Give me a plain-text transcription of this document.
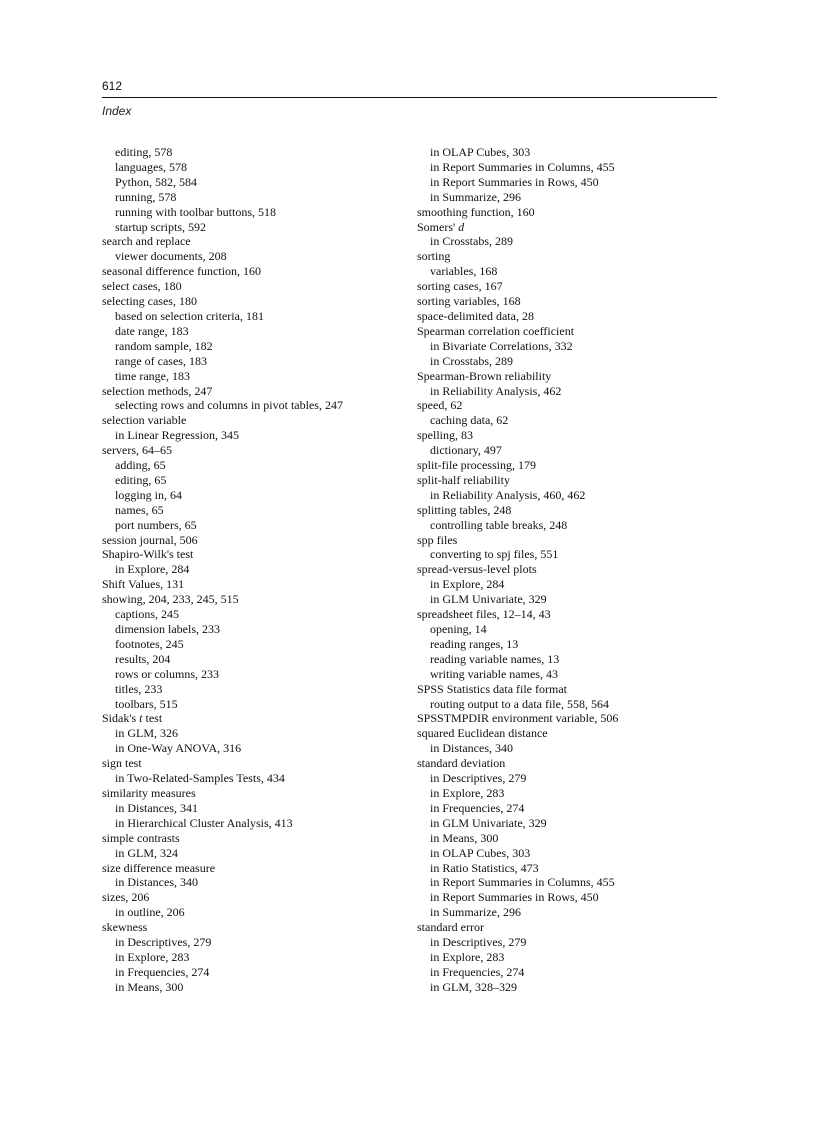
612
Index
editing, 578
languages, 578
Python, 582, 584
running, 578
running with toolbar buttons, 518
startup scripts, 592
search and replace
viewer documents, 208
seasonal difference function, 160
select cases, 180
selecting cases, 180
based on selection criteria, 181
date range, 183
random sample, 182
range of cases, 183
time range, 183
selection methods, 247
selecting rows and columns in pivot tables, 247
selection variable
in Linear Regression, 345
servers, 64–65
adding, 65
editing, 65
logging in, 64
names, 65
port numbers, 65
session journal, 506
Shapiro-Wilk's test
in Explore, 284
Shift Values, 131
showing, 204, 233, 245, 515
captions, 245
dimension labels, 233
footnotes, 245
results, 204
rows or columns, 233
titles, 233
toolbars, 515
Sidak's t test
in GLM, 326
in One-Way ANOVA, 316
sign test
in Two-Related-Samples Tests, 434
similarity measures
in Distances, 341
in Hierarchical Cluster Analysis, 413
simple contrasts
in GLM, 324
size difference measure
in Distances, 340
sizes, 206
in outline, 206
skewness
in Descriptives, 279
in Explore, 283
in Frequencies, 274
in Means, 300
in OLAP Cubes, 303
in Report Summaries in Columns, 455
in Report Summaries in Rows, 450
in Summarize, 296
smoothing function, 160
Somers' d
in Crosstabs, 289
sorting
variables, 168
sorting cases, 167
sorting variables, 168
space-delimited data, 28
Spearman correlation coefficient
in Bivariate Correlations, 332
in Crosstabs, 289
Spearman-Brown reliability
in Reliability Analysis, 462
speed, 62
caching data, 62
spelling, 83
dictionary, 497
split-file processing, 179
split-half reliability
in Reliability Analysis, 460, 462
splitting tables, 248
controlling table breaks, 248
spp files
converting to spj files, 551
spread-versus-level plots
in Explore, 284
in GLM Univariate, 329
spreadsheet files, 12–14, 43
opening, 14
reading ranges, 13
reading variable names, 13
writing variable names, 43
SPSS Statistics data file format
routing output to a data file, 558, 564
SPSSTMPDIR environment variable, 506
squared Euclidean distance
in Distances, 340
standard deviation
in Descriptives, 279
in Explore, 283
in Frequencies, 274
in GLM Univariate, 329
in Means, 300
in OLAP Cubes, 303
in Ratio Statistics, 473
in Report Summaries in Columns, 455
in Report Summaries in Rows, 450
in Summarize, 296
standard error
in Descriptives, 279
in Explore, 283
in Frequencies, 274
in GLM, 328–329
